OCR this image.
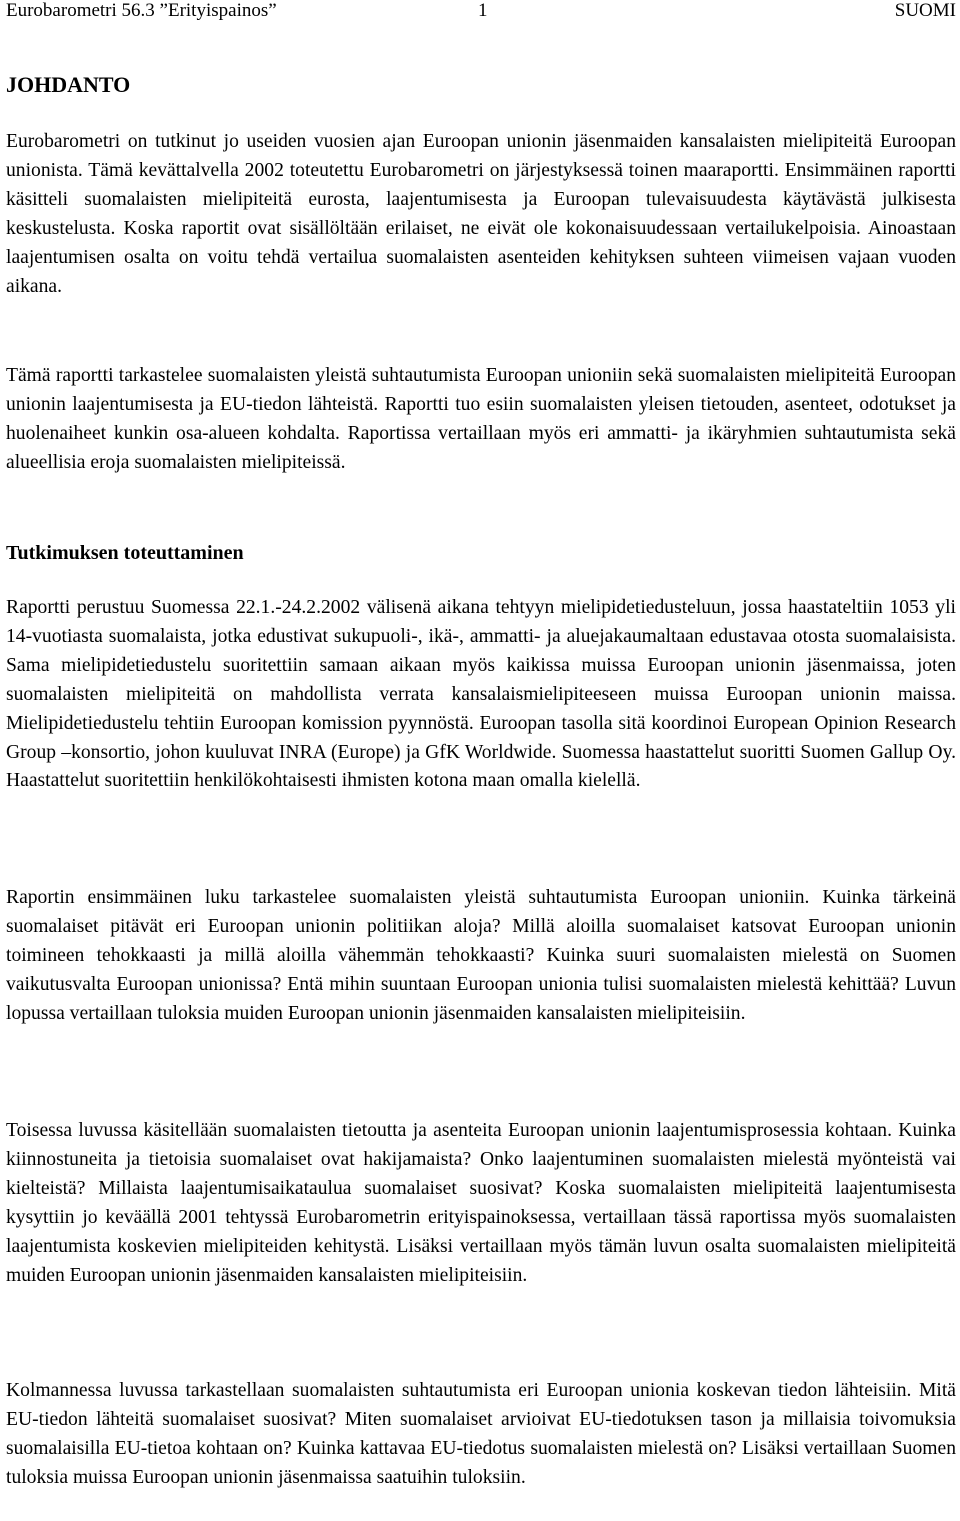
Eurobarometri 56.3 ”Erityispainos”	1	SUOMI
JOHDANTO

Eurobarometri on tutkinut jo useiden vuosien ajan Euroopan unionin jäsenmaiden kansalaisten mielipiteitä Euroopan unionista. Tämä kevättalvella 2002 toteutettu Eurobarometri on järjestyksessä toinen maaraportti. Ensimmäinen raportti käsitteli suomalaisten mielipiteitä eurosta, laajentumisesta ja Euroopan tulevaisuudesta käytävästä julkisesta keskustelusta. Koska raportit ovat sisällöltään erilaiset, ne eivät ole kokonaisuudessaan vertailukelpoisia. Ainoastaan laajentumisen osalta on voitu tehdä vertailua suomalaisten asenteiden kehityksen suhteen viimeisen vajaan vuoden aikana.

Tämä raportti tarkastelee suomalaisten yleistä suhtautumista Euroopan unioniin sekä suomalaisten mielipiteitä Euroopan unionin laajentumisesta ja EU-tiedon lähteistä. Raportti tuo esiin suomalaisten yleisen tietouden, asenteet, odotukset ja huolenaiheet kunkin osa-alueen kohdalta. Raportissa vertaillaan myös eri ammatti- ja ikäryhmien suhtautumista sekä alueellisia eroja suomalaisten mielipiteissä.

Tutkimuksen toteuttaminen

Raportti perustuu Suomessa 22.1.-24.2.2002 välisenä aikana tehtyyn mielipidetiedusteluun, jossa haastateltiin 1053 yli 14-vuotiasta suomalaista, jotka edustivat sukupuoli-, ikä-, ammatti- ja aluejakaumaltaan edustavaa otosta suomalaisista. Sama mielipidetiedustelu suoritettiin samaan aikaan myös kaikissa muissa Euroopan unionin jäsenmaissa, joten suomalaisten mielipiteitä on mahdollista verrata kansalaismielipiteeseen muissa Euroopan unionin maissa. Mielipidetiedustelu tehtiin Euroopan komission pyynnöstä. Euroopan tasolla sitä koordinoi European Opinion Research Group –konsortio, johon kuuluvat INRA (Europe) ja GfK Worldwide. Suomessa haastattelut suoritti Suomen Gallup Oy. Haastattelut suoritettiin henkilökohtaisesti ihmisten kotona maan omalla kielellä.

Raportin ensimmäinen luku tarkastelee suomalaisten yleistä suhtautumista Euroopan unioniin. Kuinka tärkeinä suomalaiset pitävät eri Euroopan unionin politiikan aloja? Millä aloilla suomalaiset katsovat Euroopan unionin toimineen tehokkaasti ja millä aloilla vähemmän tehokkaasti? Kuinka suuri suomalaisten mielestä on Suomen vaikutusvalta Euroopan unionissa? Entä mihin suuntaan Euroopan unionia tulisi suomalaisten mielestä kehittää? Luvun lopussa vertaillaan tuloksia muiden Euroopan unionin jäsenmaiden kansalaisten mielipiteisiin.

Toisessa luvussa käsitellään suomalaisten tietoutta ja asenteita Euroopan unionin laajentumisprosessia kohtaan. Kuinka kiinnostuneita ja tietoisia suomalaiset ovat hakijamaista? Onko laajentuminen suomalaisten mielestä myönteistä vai kielteistä? Millaista laajentumisaikataulua suomalaiset suosivat? Koska suomalaisten mielipiteitä laajentumisesta kysyttiin jo keväällä 2001 tehtyssä Eurobarometrin erityispainoksessa, vertaillaan tässä raportissa myös suomalaisten laajentumista koskevien mielipiteiden kehitystä. Lisäksi vertaillaan myös tämän luvun osalta suomalaisten mielipiteitä muiden Euroopan unionin jäsenmaiden kansalaisten mielipiteisiin.

Kolmannessa luvussa tarkastellaan suomalaisten suhtautumista eri Euroopan unionia koskevan tiedon lähteisiin. Mitä EU-tiedon lähteitä suomalaiset suosivat? Miten suomalaiset arvioivat EU-tiedotuksen tason ja millaisia toivomuksia suomalaisilla EU-tietoa kohtaan on? Kuinka kattavaa EU-tiedotus suomalaisten mielestä on? Lisäksi vertaillaan Suomen tuloksia muissa Euroopan unionin jäsenmaissa saatuihin tuloksiin.
